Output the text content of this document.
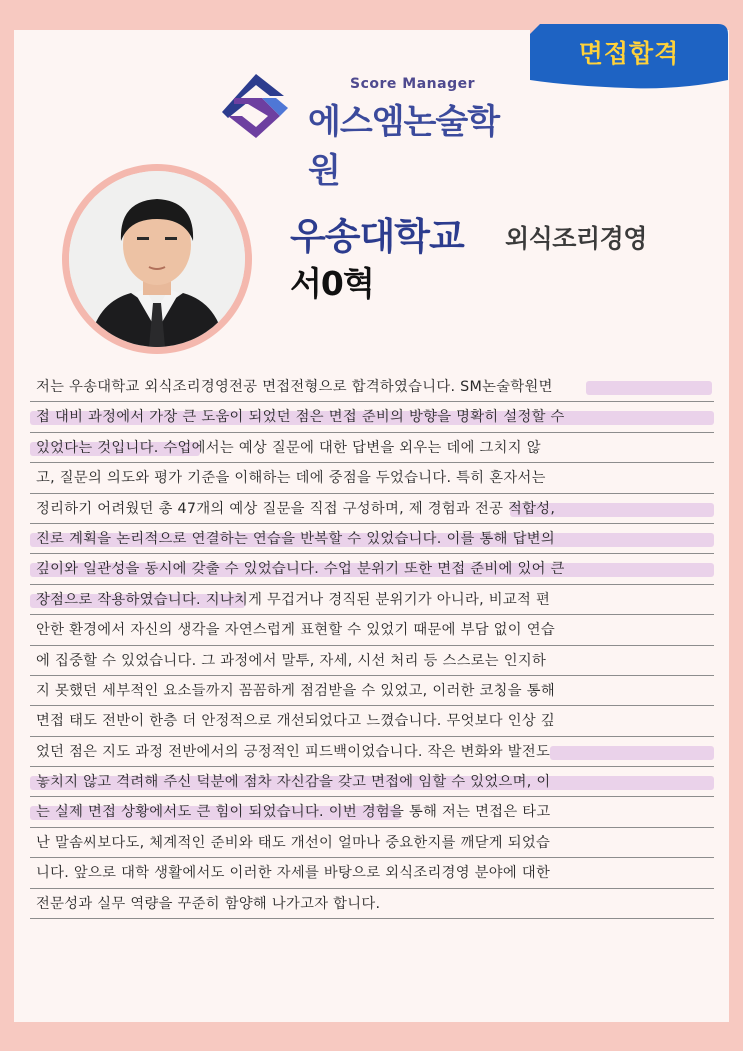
면접합격
Score Manager
에스엠논술학원
우송대학교 외식조리경영
서0혁
저는 우송대학교 외식조리경영전공 면접전형으로 합격하였습니다. SM논술학원면
접 대비 과정에서 가장 큰 도움이 되었던 점은 면접 준비의 방향을 명확히 설정할 수
있었다는 것입니다. 수업에서는 예상 질문에 대한 답변을 외우는 데에 그치지 않
고, 질문의 의도와 평가 기준을 이해하는 데에 중점을 두었습니다. 특히 혼자서는
정리하기 어려웠던 총 47개의 예상 질문을 직접 구성하며, 제 경험과 전공 적합성,
진로 계획을 논리적으로 연결하는 연습을 반복할 수 있었습니다. 이를 통해 답변의
깊이와 일관성을 동시에 갖출 수 있었습니다. 수업 분위기 또한 면접 준비에 있어 큰
장점으로 작용하였습니다. 지나치게 무겁거나 경직된 분위기가 아니라, 비교적 편
안한 환경에서 자신의 생각을 자연스럽게 표현할 수 있었기 때문에 부담 없이 연습
에 집중할 수 있었습니다. 그 과정에서 말투, 자세, 시선 처리 등 스스로는 인지하
지 못했던 세부적인 요소들까지 꼼꼼하게 점검받을 수 있었고, 이러한 코칭을 통해
면접 태도 전반이 한층 더 안정적으로 개선되었다고 느꼈습니다. 무엇보다 인상 깊
었던 점은 지도 과정 전반에서의 긍정적인 피드백이었습니다. 작은 변화와 발전도
놓치지 않고 격려해 주신 덕분에 점차 자신감을 갖고 면접에 임할 수 있었으며, 이
는 실제 면접 상황에서도 큰 힘이 되었습니다. 이번 경험을 통해 저는 면접은 타고
난 말솜씨보다도, 체계적인 준비와 태도 개선이 얼마나 중요한지를 깨닫게 되었습
니다. 앞으로 대학 생활에서도 이러한 자세를 바탕으로 외식조리경영 분야에 대한
전문성과 실무 역량을 꾸준히 함양해 나가고자 합니다.
